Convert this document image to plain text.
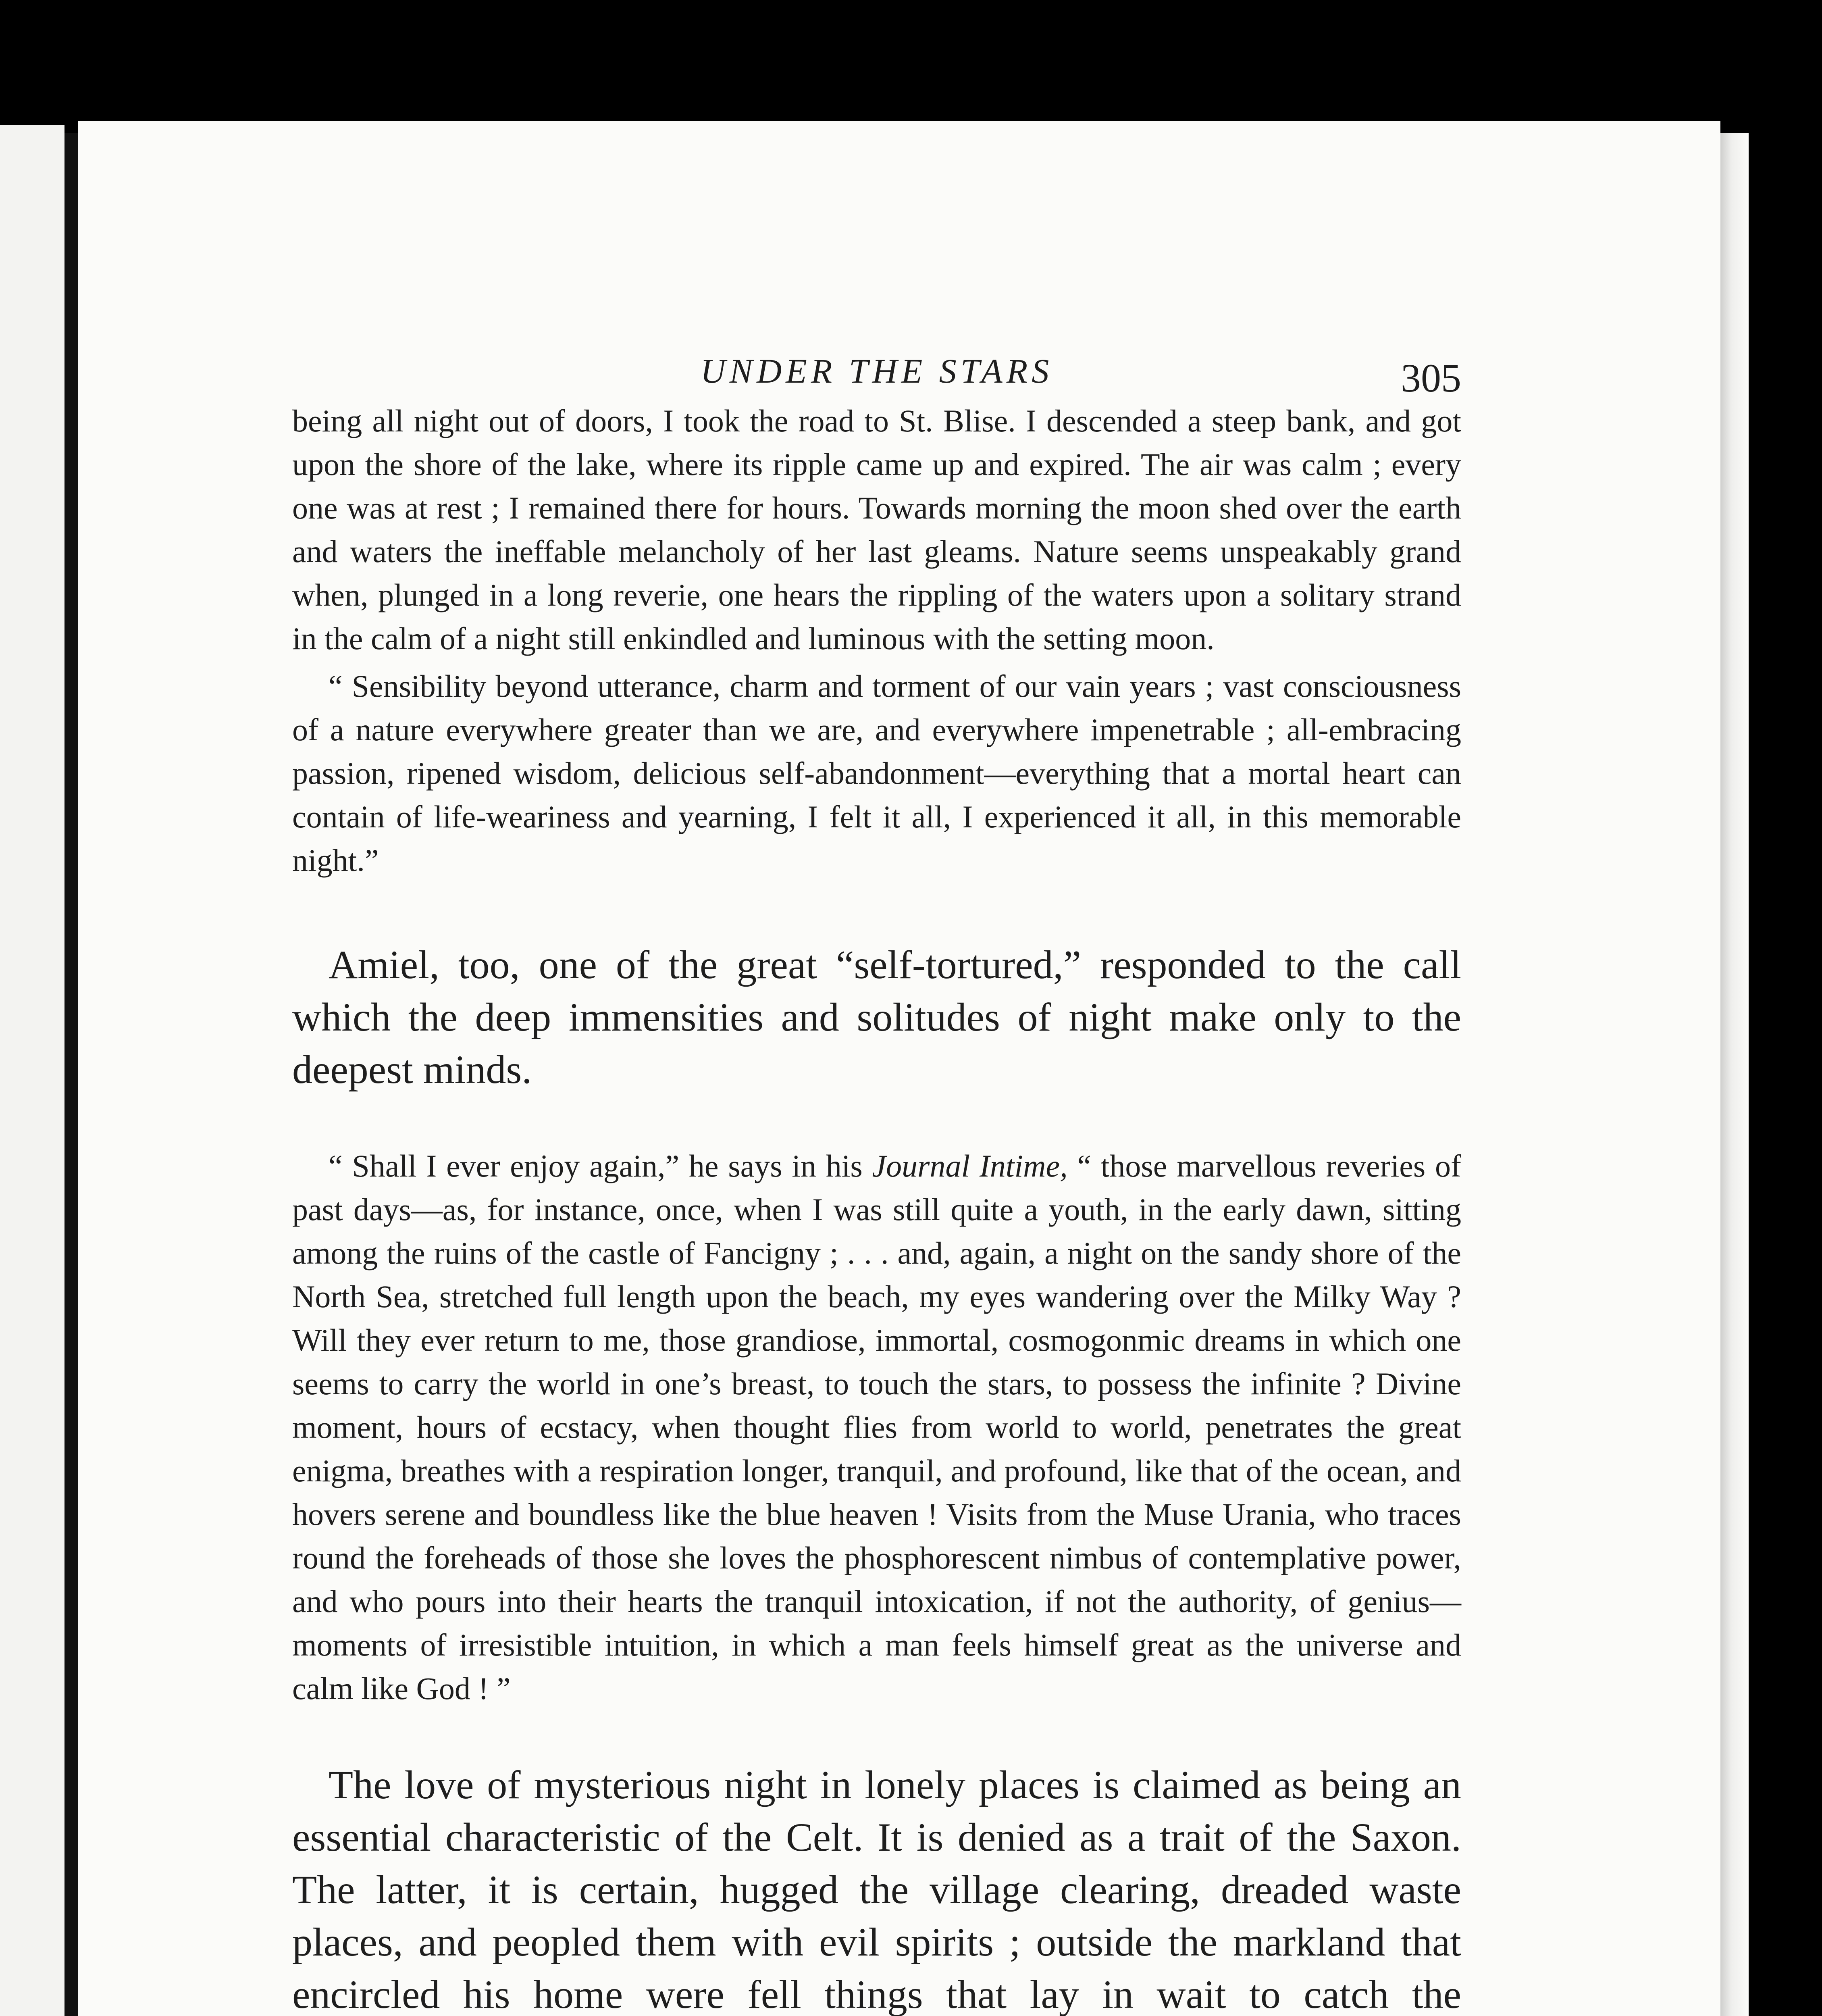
UNDER THE STARS	305

being all night out of doors, I took the road to St. Blise. I descended a steep bank, and got upon the shore of the lake, where its ripple came up and expired. The air was calm ; every one was at rest ; I remained there for hours. Towards morning the moon shed over the earth and waters the ineffable melancholy of her last gleams. Nature seems unspeakably grand when, plunged in a long reverie, one hears the rippling of the waters upon a solitary strand in the calm of a night still enkindled and luminous with the setting moon.

“ Sensibility beyond utterance, charm and torment of our vain years ; vast consciousness of a nature everywhere greater than we are, and everywhere impenetrable ; all-embracing passion, ripened wisdom, delicious self-abandonment—everything that a mortal heart can contain of life-weariness and yearning, I felt it all, I experienced it all, in this memorable night.”

Amiel, too, one of the great “self-tortured,” responded to the call which the deep immensities and solitudes of night make only to the deepest minds.

“ Shall I ever enjoy again,” he says in his Journal Intime, “ those marvellous reveries of past days—as, for instance, once, when I was still quite a youth, in the early dawn, sitting among the ruins of the castle of Fancigny ; . . . and, again, a night on the sandy shore of the North Sea, stretched full length upon the beach, my eyes wandering over the Milky Way ? Will they ever return to me, those grandiose, immortal, cosmogonmic dreams in which one seems to carry the world in one’s breast, to touch the stars, to possess the infinite ? Divine moment, hours of ecstacy, when thought flies from world to world, penetrates the great enigma, breathes with a respiration longer, tranquil, and profound, like that of the ocean, and hovers serene and boundless like the blue heaven ! Visits from the Muse Urania, who traces round the foreheads of those she loves the phosphorescent nimbus of contemplative power, and who pours into their hearts the tranquil intoxication, if not the authority, of genius—moments of irresistible intuition, in which a man feels himself great as the universe and calm like God ! ”

The love of mysterious night in lonely places is claimed as being an essential characteristic of the Celt. It is denied as a trait of the Saxon. The latter, it is certain, hugged the village clearing, dreaded waste places, and peopled them with evil spirits ; outside the markland that encircled his home were fell things that lay in wait to catch the
